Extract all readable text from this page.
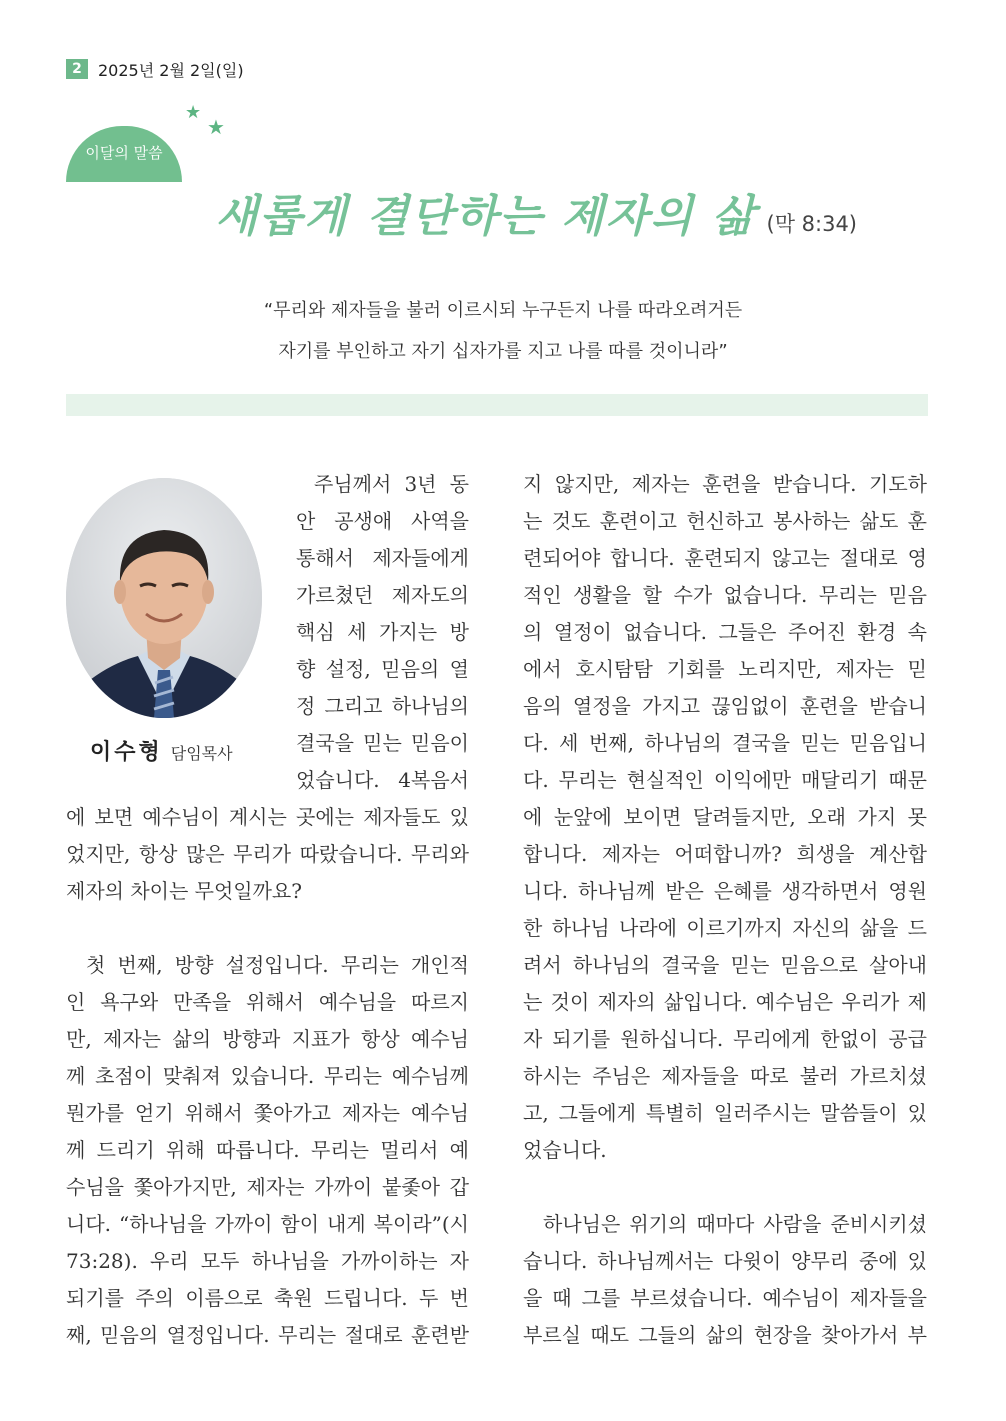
2	2025년 2월 2일(일)
★
★
이달의 말씀
새롭게 결단하는 제자의 삶 (막 8:34)
“무리와 제자들을 불러 이르시되 누구든지 나를 따라오려거든
자기를 부인하고 자기 십자가를 지고 나를 따를 것이니라”
이수형 담임목사
주님께서 3년 동
안 공생애 사역을
통해서 제자들에게
가르쳤던 제자도의
핵심 세 가지는 방
향 설정, 믿음의 열
정 그리고 하나님의
결국을 믿는 믿음이
었습니다. 4복음서
에 보면 예수님이 계시는 곳에는 제자들도 있
었지만, 항상 많은 무리가 따랐습니다. 무리와
제자의 차이는 무엇일까요?
첫 번째, 방향 설정입니다. 무리는 개인적
인 욕구와 만족을 위해서 예수님을 따르지
만, 제자는 삶의 방향과 지표가 항상 예수님
께 초점이 맞춰져 있습니다. 무리는 예수님께
뭔가를 얻기 위해서 쫓아가고 제자는 예수님
께 드리기 위해 따릅니다. 무리는 멀리서 예
수님을 쫓아가지만, 제자는 가까이 붙좇아 갑
니다. “하나님을 가까이 함이 내게 복이라”(시
73:28). 우리 모두 하나님을 가까이하는 자
되기를 주의 이름으로 축원 드립니다. 두 번
째, 믿음의 열정입니다. 무리는 절대로 훈련받
지 않지만, 제자는 훈련을 받습니다. 기도하
는 것도 훈련이고 헌신하고 봉사하는 삶도 훈
련되어야 합니다. 훈련되지 않고는 절대로 영
적인 생활을 할 수가 없습니다. 무리는 믿음
의 열정이 없습니다. 그들은 주어진 환경 속
에서 호시탐탐 기회를 노리지만, 제자는 믿
음의 열정을 가지고 끊임없이 훈련을 받습니
다. 세 번째, 하나님의 결국을 믿는 믿음입니
다. 무리는 현실적인 이익에만 매달리기 때문
에 눈앞에 보이면 달려들지만, 오래 가지 못
합니다. 제자는 어떠합니까? 희생을 계산합
니다. 하나님께 받은 은혜를 생각하면서 영원
한 하나님 나라에 이르기까지 자신의 삶을 드
려서 하나님의 결국을 믿는 믿음으로 살아내
는 것이 제자의 삶입니다. 예수님은 우리가 제
자 되기를 원하십니다. 무리에게 한없이 공급
하시는 주님은 제자들을 따로 불러 가르치셨
고, 그들에게 특별히 일러주시는 말씀들이 있
었습니다.
하나님은 위기의 때마다 사람을 준비시키셨
습니다. 하나님께서는 다윗이 양무리 중에 있
을 때 그를 부르셨습니다. 예수님이 제자들을
부르실 때도 그들의 삶의 현장을 찾아가서 부
